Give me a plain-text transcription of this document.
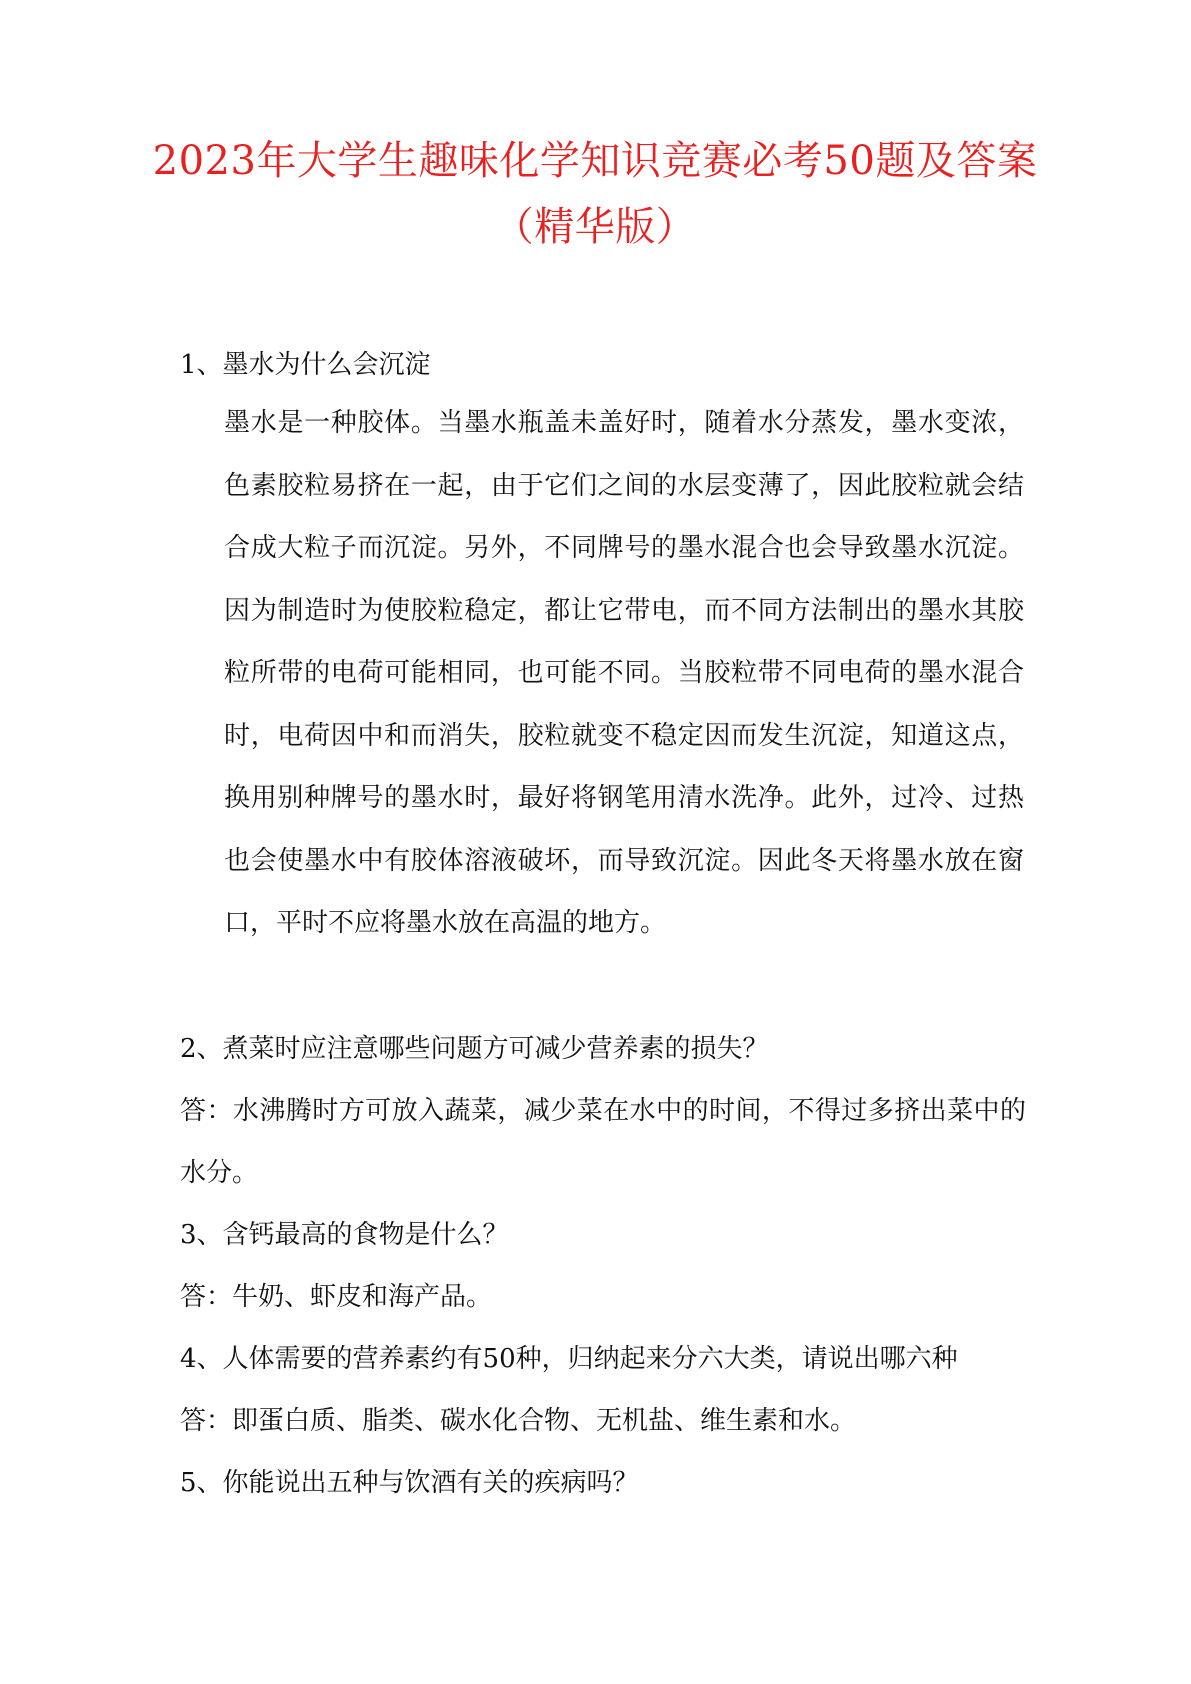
2023年大学生趣味化学知识竞赛必考50题及答案（精华版）
1、墨水为什么会沉淀

墨水是一种胶体。当墨水瓶盖未盖好时，随着水分蒸发，墨水变浓，色素胶粒易挤在一起，由于它们之间的水层变薄了，因此胶粒就会结合成大粒子而沉淀。另外，不同牌号的墨水混合也会导致墨水沉淀。因为制造时为使胶粒稳定，都让它带电，而不同方法制出的墨水其胶粒所带的电荷可能相同，也可能不同。当胶粒带不同电荷的墨水混合时，电荷因中和而消失，胶粒就变不稳定因而发生沉淀，知道这点，换用别种牌号的墨水时，最好将钢笔用清水洗净。此外，过冷、过热也会使墨水中有胶体溶液破坏，而导致沉淀。因此冬天将墨水放在窗口，平时不应将墨水放在高温的地方。

2、煮菜时应注意哪些问题方可减少营养素的损失？

答：水沸腾时方可放入蔬菜，减少菜在水中的时间，不得过多挤出菜中的水分。

3、含钙最高的食物是什么？

答：牛奶、虾皮和海产品。

4、人体需要的营养素约有50种，归纳起来分六大类，请说出哪六种

答：即蛋白质、脂类、碳水化合物、无机盐、维生素和水。

5、你能说出五种与饮酒有关的疾病吗？
